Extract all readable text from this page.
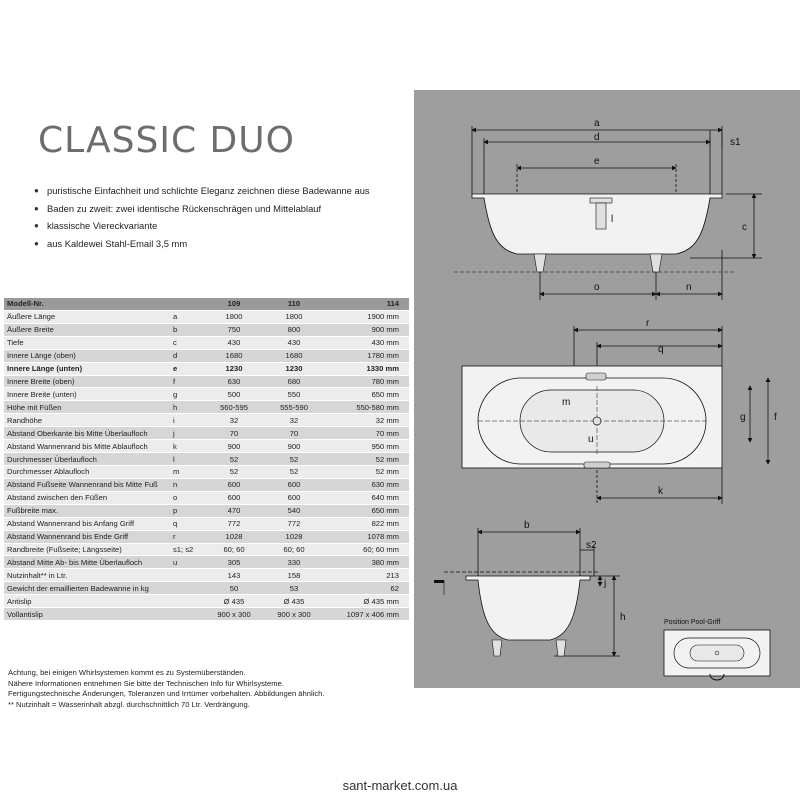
CLASSIC DUO
● puristische Einfachheit und schlichte Eleganz zeichnen diese Badewanne aus
● Baden zu zweit: zwei identische Rückenschrägen und Mittelablauf
● klassische Viereckvariante
● aus Kaldewei Stahl-Email 3,5 mm
Modell-Nr.		109	110	114
Äußere Länge	a	1800	1800	1900 mm
Äußere Breite	b	750	800	900 mm
Tiefe	c	430	430	430 mm
Innere Länge (oben)	d	1680	1680	1780 mm
Innere Länge (unten)	e	1230	1230	1330 mm
Innere Breite (oben)	f	630	680	780 mm
Innere Breite (unten)	g	500	550	650 mm
Höhe mit Füßen	h	560-595	555-590	550-580 mm
Randhöhe	i	32	32	32 mm
Abstand Oberkante bis Mitte Überlaufloch	j	70	70	70 mm
Abstand Wannenrand bis Mitte Ablaufloch	k	900	900	950 mm
Durchmesser Überlaufloch	l	52	52	52 mm
Durchmesser Ablaufloch	m	52	52	52 mm
Abstand Fußseite Wannenrand bis Mitte Fuß	n	600	600	630 mm
Abstand zwischen den Füßen	o	600	600	640 mm
Fußbreite max.	p	470	540	650 mm
Abstand Wannenrand bis Anfang Griff	q	772	772	822 mm
Abstand Wannenrand bis Ende Griff	r	1028	1028	1078 mm
Randbreite (Fußseite; Längsseite)	s1; s2	60; 60	60; 60	60; 60 mm
Abstand Mitte Ab- bis Mitte Überlaufloch	u	305	330	380 mm
Nutzinhalt** in Ltr.		143	158	213
Gewicht der emaillierten Badewanne in kg		50	53	62
Antislip		Ø 435	Ø 435	Ø 435 mm
Vollantislip		900 x 300	900 x 300	1097 x 406 mm
Achtung, bei einigen Whirlsystemen kommt es zu Systemüberständen.
Nähere Informationen entnehmen Sie bitte der Technischen Info für Whirlsysteme.
Fertigungstechnische Änderungen, Toleranzen und Irrtümer vorbehalten. Abbildungen ähnlich.
** Nutzinhalt = Wasserinhalt abzgl. durchschnittlich 70 Ltr. Verdrängung.
a
d
e
s1
c
l
o	n
r
q
m
g	f
u
k
b
s2
j
h	Position Pool-Griff
sant-market.com.ua
